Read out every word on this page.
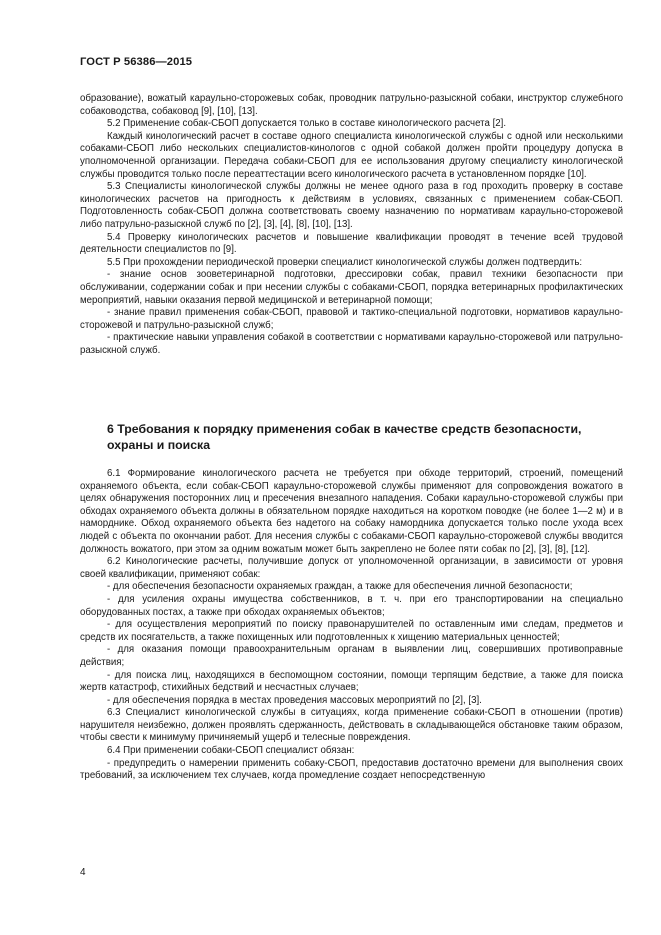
ГОСТ Р 56386—2015

образование), вожатый караульно-сторожевых собак, проводник патрульно-разыскной собаки, инструктор служебного собаководства, собаковод [9], [10], [13].

5.2 Применение собак-СБОП допускается только в составе кинологического расчета [2].

Каждый кинологический расчет в составе одного специалиста кинологической службы с одной или несколькими собаками-СБОП либо нескольких специалистов-кинологов с одной собакой должен пройти процедуру допуска в уполномоченной организации. Передача собаки-СБОП для ее использования другому специалисту кинологической службы проводится только после переаттестации всего кинологического расчета в установленном порядке [10].

5.3 Специалисты кинологической службы должны не менее одного раза в год проходить проверку в составе кинологических расчетов на пригодность к действиям в условиях, связанных с применением собак-СБОП. Подготовленность собак-СБОП должна соответствовать своему назначению по нормативам караульно-сторожевой либо патрульно-разыскной служб по [2], [3], [4], [8], [10], [13].

5.4 Проверку кинологических расчетов и повышение квалификации проводят в течение всей трудовой деятельности специалистов по [9].

5.5 При прохождении периодической проверки специалист кинологической службы должен подтвердить:

- знание основ зооветеринарной подготовки, дрессировки собак, правил техники безопасности при обслуживании, содержании собак и при несении службы с собаками-СБОП, порядка ветеринарных профилактических мероприятий, навыки оказания первой медицинской и ветеринарной помощи;

- знание правил применения собак-СБОП, правовой и тактико-специальной подготовки, нормативов караульно-сторожевой и патрульно-разыскной служб;

- практические навыки управления собакой в соответствии с нормативами караульно-сторожевой или патрульно-разыскной служб.

6 Требования к порядку применения собак в качестве средств безопасности, охраны и поиска

6.1 Формирование кинологического расчета не требуется при обходе территорий, строений, помещений охраняемого объекта, если собак-СБОП караульно-сторожевой службы применяют для сопровождения вожатого в целях обнаружения посторонних лиц и пресечения внезапного нападения. Собаки караульно-сторожевой службы при обходах охраняемого объекта должны в обязательном порядке находиться на коротком поводке (не более 1—2 м) и в наморднике. Обход охраняемого объекта без надетого на собаку намордника допускается только после ухода всех людей с объекта по окончании работ. Для несения службы с собаками-СБОП караульно-сторожевой службы вводится должность вожатого, при этом за одним вожатым может быть закреплено не более пяти собак по [2], [3], [8], [12].

6.2 Кинологические расчеты, получившие допуск от уполномоченной организации, в зависимости от уровня своей квалификации, применяют собак:

- для обеспечения безопасности охраняемых граждан, а также для обеспечения личной безопасности;

- для усиления охраны имущества собственников, в т. ч. при его транспортировании на специально оборудованных постах, а также при обходах охраняемых объектов;

- для осуществления мероприятий по поиску правонарушителей по оставленным ими следам, предметов и средств их посягательств, а также похищенных или подготовленных к хищению материальных ценностей;

- для оказания помощи правоохранительным органам в выявлении лиц, совершивших противоправные действия;

- для поиска лиц, находящихся в беспомощном состоянии, помощи терпящим бедствие, а также для поиска жертв катастроф, стихийных бедствий и несчастных случаев;

- для обеспечения порядка в местах проведения массовых мероприятий по [2], [3].

6.3 Специалист кинологической службы в ситуациях, когда применение собаки-СБОП в отношении (против) нарушителя неизбежно, должен проявлять сдержанность, действовать в складывающейся обстановке таким образом, чтобы свести к минимуму причиняемый ущерб и телесные повреждения.

6.4 При применении собаки-СБОП специалист обязан:

- предупредить о намерении применить собаку-СБОП, предоставив достаточно времени для выполнения своих требований, за исключением тех случаев, когда промедление создает непосредственную

4
